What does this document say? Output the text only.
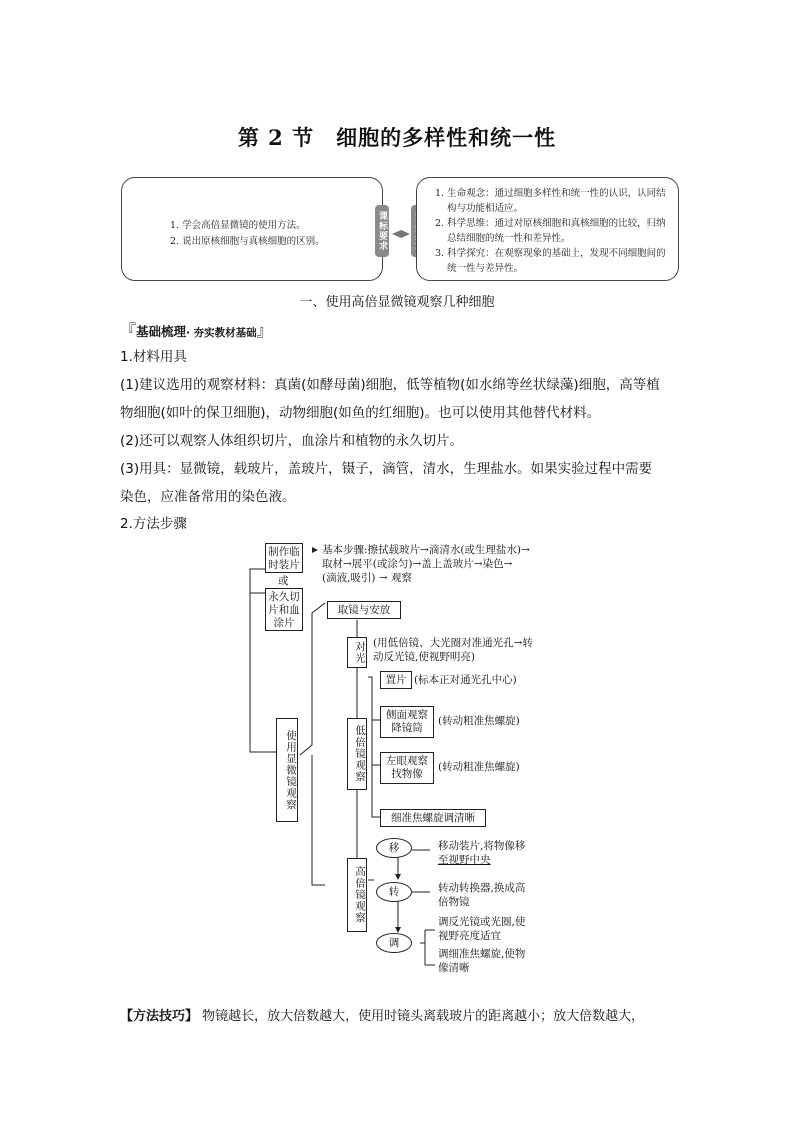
第 2 节　细胞的多样性和统一性
1. 学会高倍显微镜的使用方法。
2. 说出原核细胞与真核细胞的区别。	课标要求
1. 生命观念：通过细胞多样性和统一性的认识，认同结
构与功能相适应。
2. 科学思维：通过对原核细胞和真核细胞的比较，归纳
总结细胞的统一性和差异性。
3. 科学探究：在观察现象的基础上，发现不同细胞间的
统一性与差异性。
一、使用高倍显微镜观察几种细胞
『基础梳理· 夯实教材基础』
1.材料用具
(1)建议选用的观察材料：真菌(如酵母菌)细胞，低等植物(如水绵等丝状绿藻)细胞，高等植
物细胞(如叶的保卫细胞)，动物细胞(如鱼的红细胞)。也可以使用其他替代材料。
(2)还可以观察人体组织切片，血涂片和植物的永久切片。
(3)用具：显微镜，载玻片，盖玻片，镊子，滴管，清水，生理盐水。如果实验过程中需要
染色，应准备常用的染色液。
2.方法步骤
制作临时装片
或
永久切片和血涂片
基本步骤:擦拭载玻片→滴清水(或生理盐水)→
取材→展平(或涂匀)→盖上盖玻片→染色→
(滴液,吸引) → 观察
使用显微镜观察
取镜与安放
对光 (用低倍镜、大光圈对准通光孔→转
动反光镜,使视野明亮)
低倍镜观察
置片 (标本正对通光孔中心)
侧面观察降镜筒
(转动粗准焦螺旋)
左眼观察找物像
(转动粗准焦螺旋)
细准焦螺旋调清晰
高倍镜观察
移	移动装片,将物像移
至视野中央
转	转动转换器,换成高
倍物镜
调
调反光镜或光圈,使
视野亮度适宜
调细准焦螺旋,使物
像清晰
【方法技巧】 物镜越长，放大倍数越大，使用时镜头离载玻片的距离越小；放大倍数越大，
